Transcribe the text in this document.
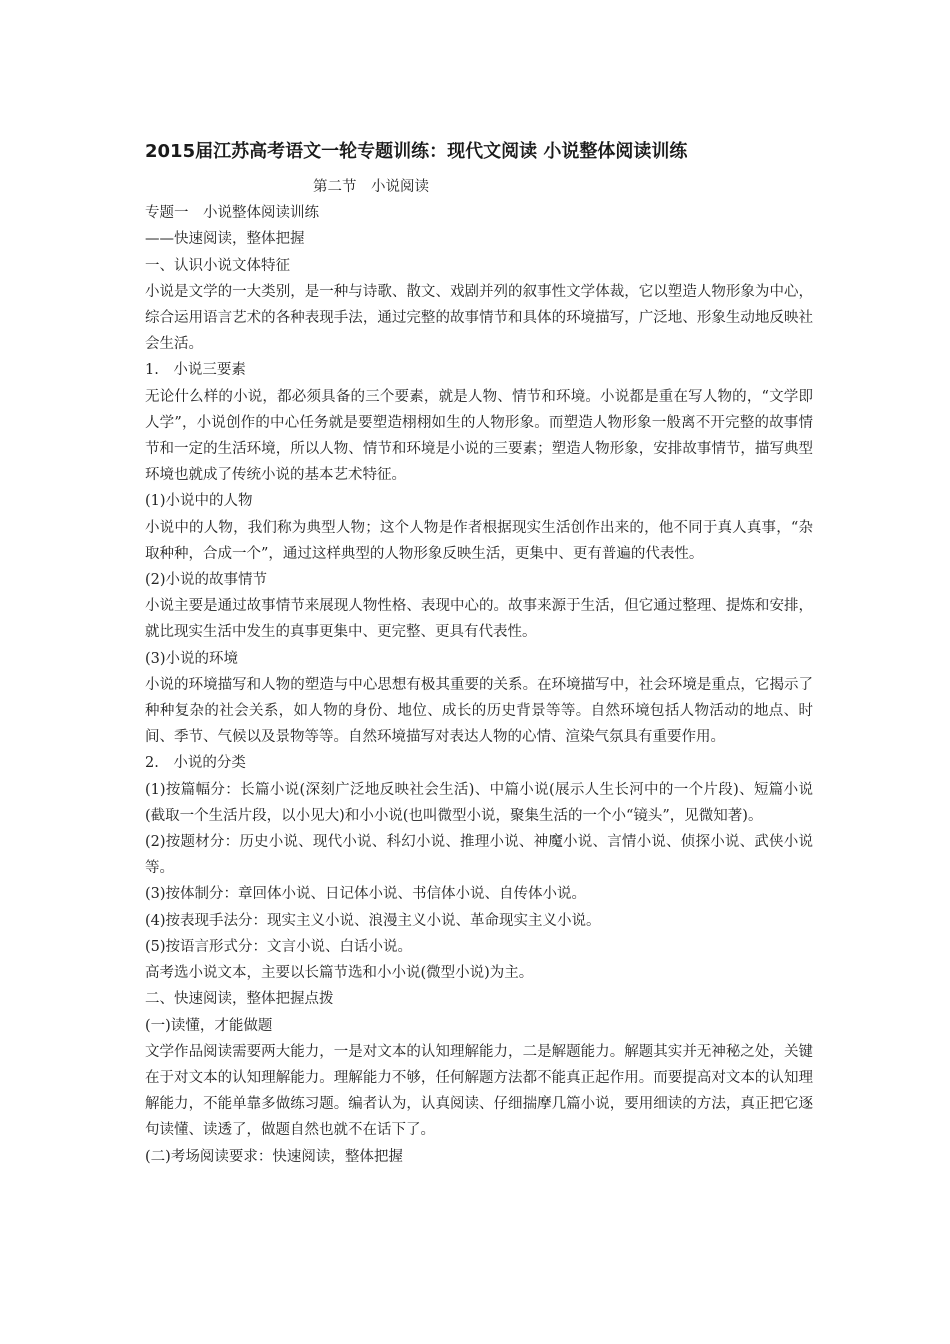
2015届江苏高考语文一轮专题训练：现代文阅读 小说整体阅读训练

第二节　小说阅读

专题一　小说整体阅读训练

——快速阅读，整体把握

一、认识小说文体特征

小说是文学的一大类别，是一种与诗歌、散文、戏剧并列的叙事性文学体裁，它以塑造人物形象为中心，综合运用语言艺术的各种表现手法，通过完整的故事情节和具体的环境描写，广泛地、形象生动地反映社会生活。

1.　小说三要素

无论什么样的小说，都必须具备的三个要素，就是人物、情节和环境。小说都是重在写人物的，“文学即人学”，小说创作的中心任务就是要塑造栩栩如生的人物形象。而塑造人物形象一般离不开完整的故事情节和一定的生活环境，所以人物、情节和环境是小说的三要素；塑造人物形象，安排故事情节，描写典型环境也就成了传统小说的基本艺术特征。

(1)小说中的人物

小说中的人物，我们称为典型人物；这个人物是作者根据现实生活创作出来的，他不同于真人真事，“杂取种种，合成一个”，通过这样典型的人物形象反映生活，更集中、更有普遍的代表性。

(2)小说的故事情节

小说主要是通过故事情节来展现人物性格、表现中心的。故事来源于生活，但它通过整理、提炼和安排，就比现实生活中发生的真事更集中、更完整、更具有代表性。

(3)小说的环境

小说的环境描写和人物的塑造与中心思想有极其重要的关系。在环境描写中，社会环境是重点，它揭示了种种复杂的社会关系，如人物的身份、地位、成长的历史背景等等。自然环境包括人物活动的地点、时间、季节、气候以及景物等等。自然环境描写对表达人物的心情、渲染气氛具有重要作用。

2.　小说的分类

(1)按篇幅分：长篇小说(深刻广泛地反映社会生活)、中篇小说(展示人生长河中的一个片段)、短篇小说(截取一个生活片段，以小见大)和小小说(也叫微型小说，聚集生活的一个小“镜头”，见微知著)。

(2)按题材分：历史小说、现代小说、科幻小说、推理小说、神魔小说、言情小说、侦探小说、武侠小说等。

(3)按体制分：章回体小说、日记体小说、书信体小说、自传体小说。

(4)按表现手法分：现实主义小说、浪漫主义小说、革命现实主义小说。

(5)按语言形式分：文言小说、白话小说。

高考选小说文本，主要以长篇节选和小小说(微型小说)为主。

二、快速阅读，整体把握点拨

(一)读懂，才能做题

文学作品阅读需要两大能力，一是对文本的认知理解能力，二是解题能力。解题其实并无神秘之处，关键在于对文本的认知理解能力。理解能力不够，任何解题方法都不能真正起作用。而要提高对文本的认知理解能力，不能单靠多做练习题。编者认为，认真阅读、仔细揣摩几篇小说，要用细读的方法，真正把它逐句读懂、读透了，做题自然也就不在话下了。

(二)考场阅读要求：快速阅读，整体把握
